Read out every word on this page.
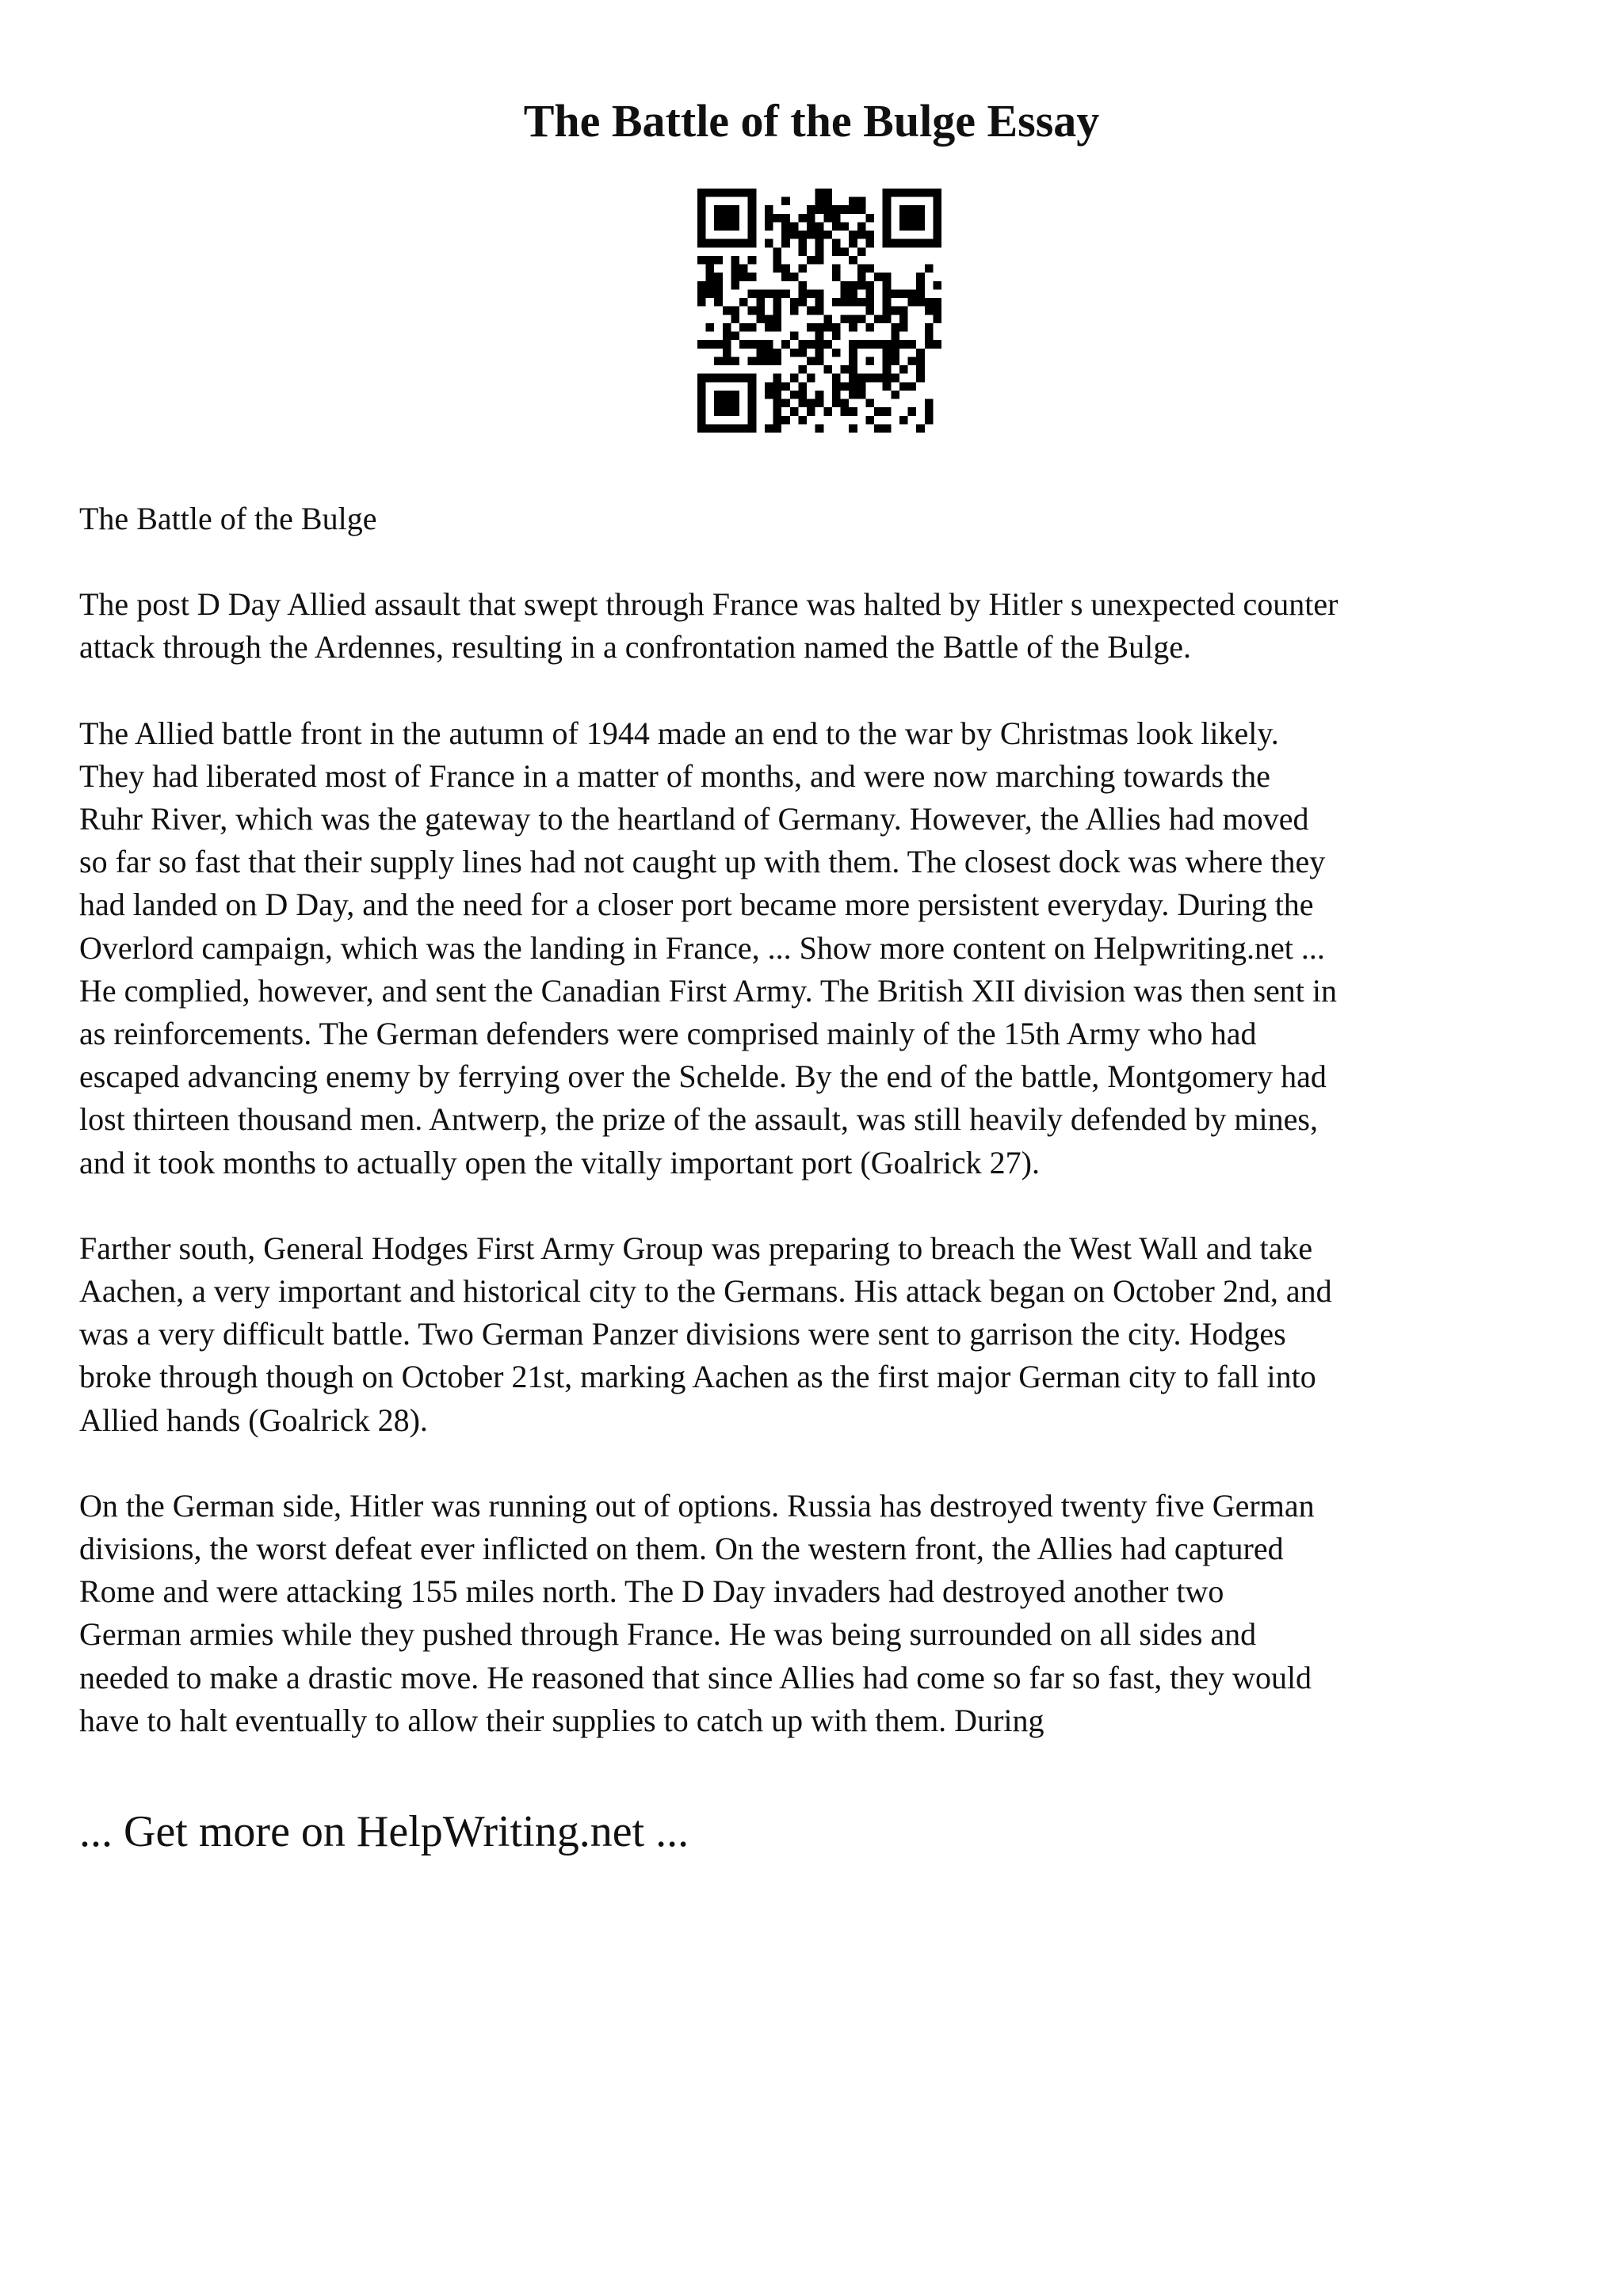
The Battle of the Bulge Essay

The Battle of the Bulge

The post D Day Allied assault that swept through France was halted by Hitler s unexpected counter
attack through the Ardennes, resulting in a confrontation named the Battle of the Bulge.

The Allied battle front in the autumn of 1944 made an end to the war by Christmas look likely.
They had liberated most of France in a matter of months, and were now marching towards the
Ruhr River, which was the gateway to the heartland of Germany. However, the Allies had moved
so far so fast that their supply lines had not caught up with them. The closest dock was where they
had landed on D Day, and the need for a closer port became more persistent everyday. During the
Overlord campaign, which was the landing in France, ... Show more content on Helpwriting.net ...
He complied, however, and sent the Canadian First Army. The British XII division was then sent in
as reinforcements. The German defenders were comprised mainly of the 15th Army who had
escaped advancing enemy by ferrying over the Schelde. By the end of the battle, Montgomery had
lost thirteen thousand men. Antwerp, the prize of the assault, was still heavily defended by mines,
and it took months to actually open the vitally important port (Goalrick 27).

Farther south, General Hodges First Army Group was preparing to breach the West Wall and take
Aachen, a very important and historical city to the Germans. His attack began on October 2nd, and
was a very difficult battle. Two German Panzer divisions were sent to garrison the city. Hodges
broke through though on October 21st, marking Aachen as the first major German city to fall into
Allied hands (Goalrick 28).

On the German side, Hitler was running out of options. Russia has destroyed twenty five German
divisions, the worst defeat ever inflicted on them. On the western front, the Allies had captured
Rome and were attacking 155 miles north. The D Day invaders had destroyed another two
German armies while they pushed through France. He was being surrounded on all sides and
needed to make a drastic move. He reasoned that since Allies had come so far so fast, they would
have to halt eventually to allow their supplies to catch up with them. During

... Get more on HelpWriting.net ...
